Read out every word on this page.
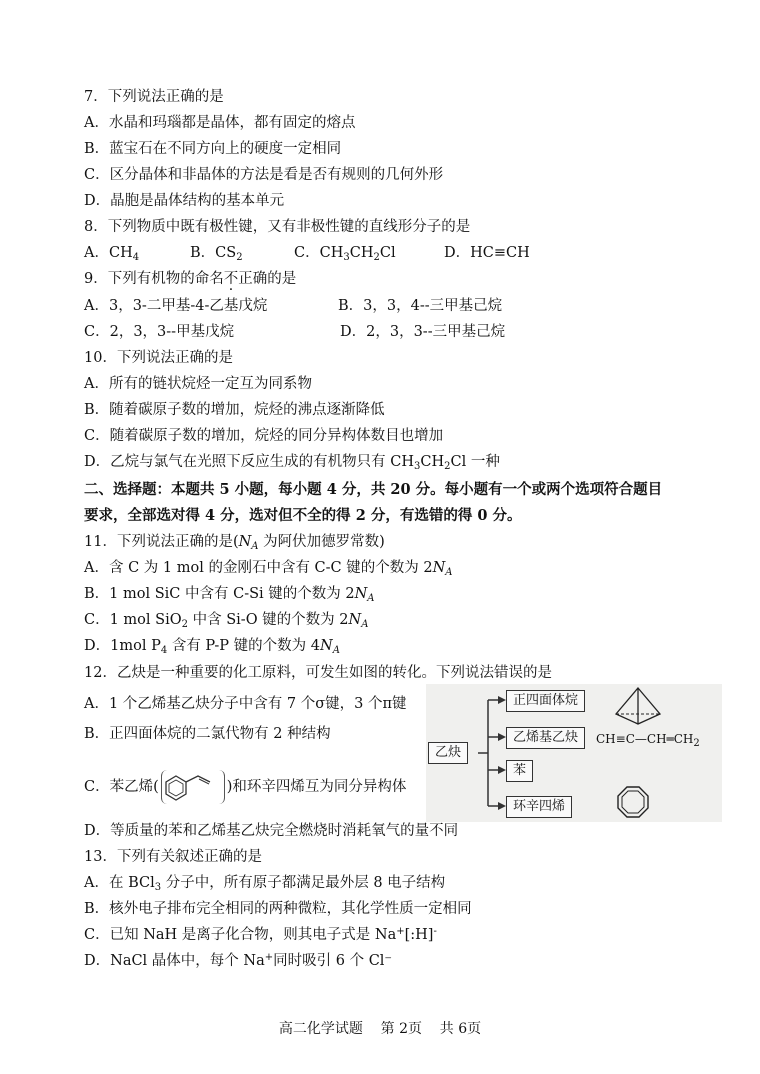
7．下列说法正确的是
A．水晶和玛瑙都是晶体，都有固定的熔点
B．蓝宝石在不同方向上的硬度一定相同
C．区分晶体和非晶体的方法是看是否有规则的几何外形
D．晶胞是晶体结构的基本单元
8．下列物质中既有极性键，又有非极性键的直线形分子的是
A．$CH_4$	B．$CS_2$	C．$CH_3CH_2Cl$	D．HC≡CH
9．下列有机物的命名不正确的是
A．3，3-二甲基-4-乙基戊烷	B．3，3，4--三甲基己烷
C．2，3，3--甲基戊烷	D．2，3，3--三甲基己烷
10．下列说法正确的是
A．所有的链状烷烃一定互为同系物
B．随着碳原子数的增加，烷烃的沸点逐渐降低
C．随着碳原子数的增加，烷烃的同分异构体数目也增加
D．乙烷与氯气在光照下反应生成的有机物只有 $CH_3CH_2Cl$ 一种
二、选择题：本题共 5 小题，每小题 4 分，共 20 分。每小题有一个或两个选项符合题目
要求，全部选对得 4 分，选对但不全的得 2 分，有选错的得 0 分。
11．下列说法正确的是($N_A$ 为阿伏加德罗常数)
A．含 C 为 1 mol 的金刚石中含有 C-C 键的个数为 $2N_A$
B．1 mol SiC 中含有 C-Si 键的个数为 $2N_A$
C．1 mol SiO$_2$ 中含 Si-O 键的个数为 $2N_A$
D．1mol $P_4$ 含有 P-P 键的个数为 $4N_A$
12．乙炔是一种重要的化工原料，可发生如图的转化。下列说法错误的是
A．1 个乙烯基乙炔分子中含有 7 个σ键，3 个π键
B．正四面体烷的二氯代物有 2 种结构
C．苯乙烯(	)和环辛四烯互为同分异构体
D．等质量的苯和乙烯基乙炔完全燃烧时消耗氧气的量不同
乙炔
正四面体烷
乙烯基乙炔
苯
环辛四烯
$CH\equiv C—CH═CH_2$
13．下列有关叙述正确的是
A．在 BCl$_3$ 分子中，所有原子都满足最外层 8 电子结构
B．核外电子排布完全相同的两种微粒，其化学性质一定相同
C．已知 NaH 是离子化合物，则其电子式是 Na+[:H]-
D．NaCl 晶体中，每个 Na+同时吸引 6 个 Cl⁻
高二化学试题    第 2页    共 6页
